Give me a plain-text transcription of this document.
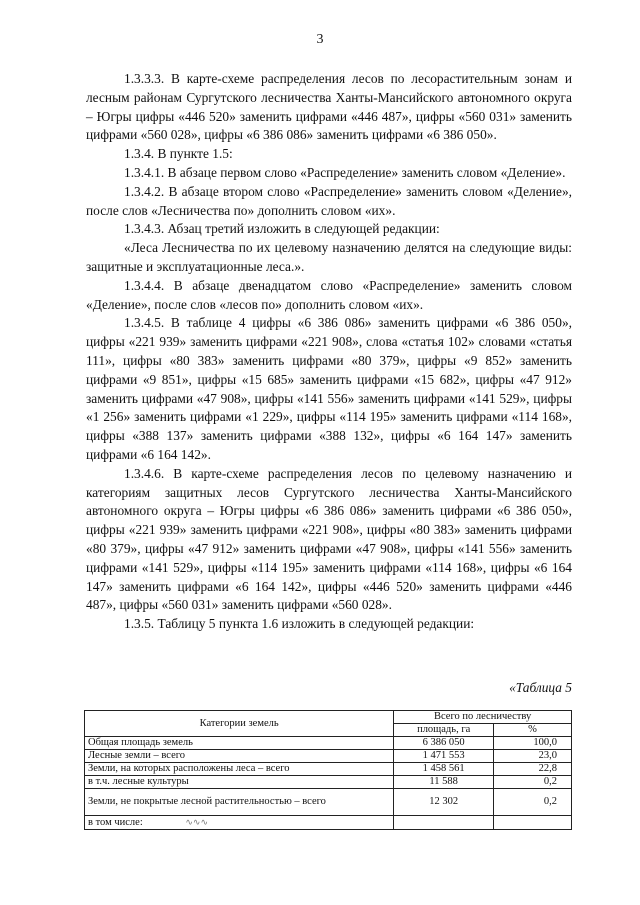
3

1.3.3.3. В карте-схеме распределения лесов по лесорастительным зонам и лесным районам Сургутского лесничества Ханты-Мансийского автономного округа – Югры цифры «446 520» заменить цифрами «446 487», цифры «560 031» заменить цифрами «560 028», цифры «6 386 086» заменить цифрами «6 386 050».

1.3.4. В пункте 1.5:

1.3.4.1. В абзаце первом слово «Распределение» заменить словом «Деление».

1.3.4.2. В абзаце втором слово «Распределение» заменить словом «Деление», после слов «Лесничества по» дополнить словом «их».

1.3.4.3. Абзац третий изложить в следующей редакции:

«Леса Лесничества по их целевому назначению делятся на следующие виды: защитные и эксплуатационные леса.».

1.3.4.4. В абзаце двенадцатом слово «Распределение» заменить словом «Деление», после слов «лесов по» дополнить словом «их».

1.3.4.5. В таблице 4 цифры «6 386 086» заменить цифрами «6 386 050», цифры «221 939» заменить цифрами «221 908», слова «статья 102» словами «статья 111», цифры «80 383» заменить цифрами «80 379», цифры «9 852» заменить цифрами «9 851», цифры «15 685» заменить цифрами «15 682», цифры «47 912» заменить цифрами «47 908», цифры «141 556» заменить цифрами «141 529», цифры «1 256» заменить цифрами «1 229», цифры «114 195» заменить цифрами «114 168», цифры «388 137» заменить цифрами «388 132», цифры «6 164 147» заменить цифрами «6 164 142».

1.3.4.6. В карте-схеме распределения лесов по целевому назначению и категориям защитных лесов Сургутского лесничества Ханты-Мансийского автономного округа – Югры цифры «6 386 086» заменить цифрами «6 386 050», цифры «221 939» заменить цифрами «221 908», цифры «80 383» заменить цифрами «80 379», цифры «47 912» заменить цифрами «47 908», цифры «141 556» заменить цифрами «141 529», цифры «114 195» заменить цифрами «114 168», цифры «6 164 147» заменить цифрами «6 164 142», цифры «446 520» заменить цифрами «446 487», цифры «560 031» заменить цифрами «560 028».

1.3.5. Таблицу 5 пункта 1.6 изложить в следующей редакции:

«Таблица 5
Категории земель	Всего по лесничеству	
	площадь, га	%
Общая площадь земель	6 386 050	100,0
Лесные земли – всего	1 471 553	23,0
Земли, на которых расположены леса – всего	1 458 561	22,8
в т.ч. лесные культуры	11 588	0,2
Земли, не покрытые лесной растительностью – всего	12 302	0,2
в том числе: ∿∿∿		
